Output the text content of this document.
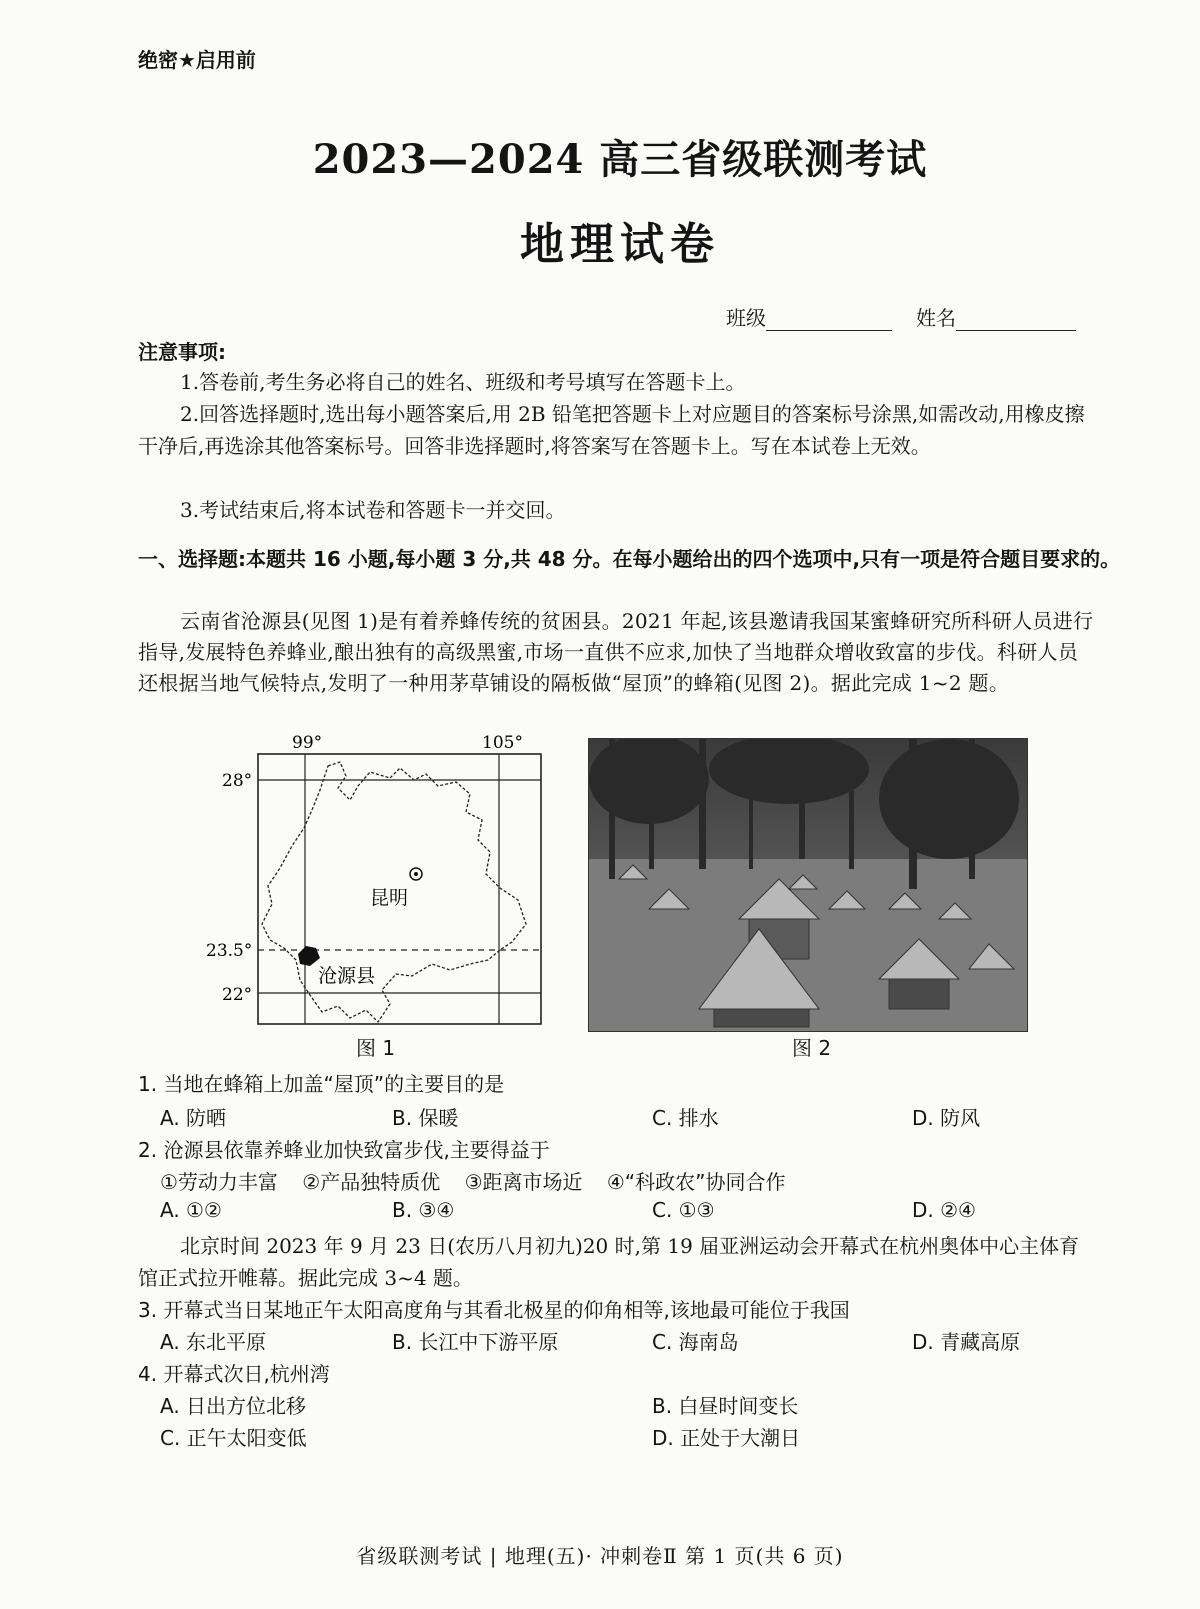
绝密★启用前
2023—2024 高三省级联测考试
地理试卷
班级	姓名
注意事项:
1.答卷前,考生务必将自己的姓名、班级和考号填写在答题卡上。
2.回答选择题时,选出每小题答案后,用 2B 铅笔把答题卡上对应题目的答案标号涂黑,如需改动,用橡皮擦干净后,再选涂其他答案标号。回答非选择题时,将答案写在答题卡上。写在本试卷上无效。
3.考试结束后,将本试卷和答题卡一并交回。
一、选择题:本题共 16 小题,每小题 3 分,共 48 分。在每小题给出的四个选项中,只有一项是符合题目要求的。
云南省沧源县(见图 1)是有着养蜂传统的贫困县。2021 年起,该县邀请我国某蜜蜂研究所科研人员进行指导,发展特色养蜂业,酿出独有的高级黑蜜,市场一直供不应求,加快了当地群众增收致富的步伐。科研人员还根据当地气候特点,发明了一种用茅草铺设的隔板做“屋顶”的蜂箱(见图 2)。据此完成 1~2 题。
昆明
沧源县
99°	105°
28°
23.5°
22°
图 1	图 2
1. 当地在蜂箱上加盖“屋顶”的主要目的是
A. 防晒	B. 保暖	C. 排水	D. 防风
2. 沧源县依靠养蜂业加快致富步伐,主要得益于
①劳动力丰富 ②产品独特质优 ③距离市场近 ④“科政农”协同合作
A. ①②	B. ③④	C. ①③	D. ②④
北京时间 2023 年 9 月 23 日(农历八月初九)20 时,第 19 届亚洲运动会开幕式在杭州奥体中心主体育馆正式拉开帷幕。据此完成 3~4 题。
3. 开幕式当日某地正午太阳高度角与其看北极星的仰角相等,该地最可能位于我国
A. 东北平原	B. 长江中下游平原	C. 海南岛	D. 青藏高原
4. 开幕式次日,杭州湾
A. 日出方位北移	B. 白昼时间变长
C. 正午太阳变低	D. 正处于大潮日
省级联测考试 | 地理(五)· 冲刺卷Ⅱ 第 1 页(共 6 页)
